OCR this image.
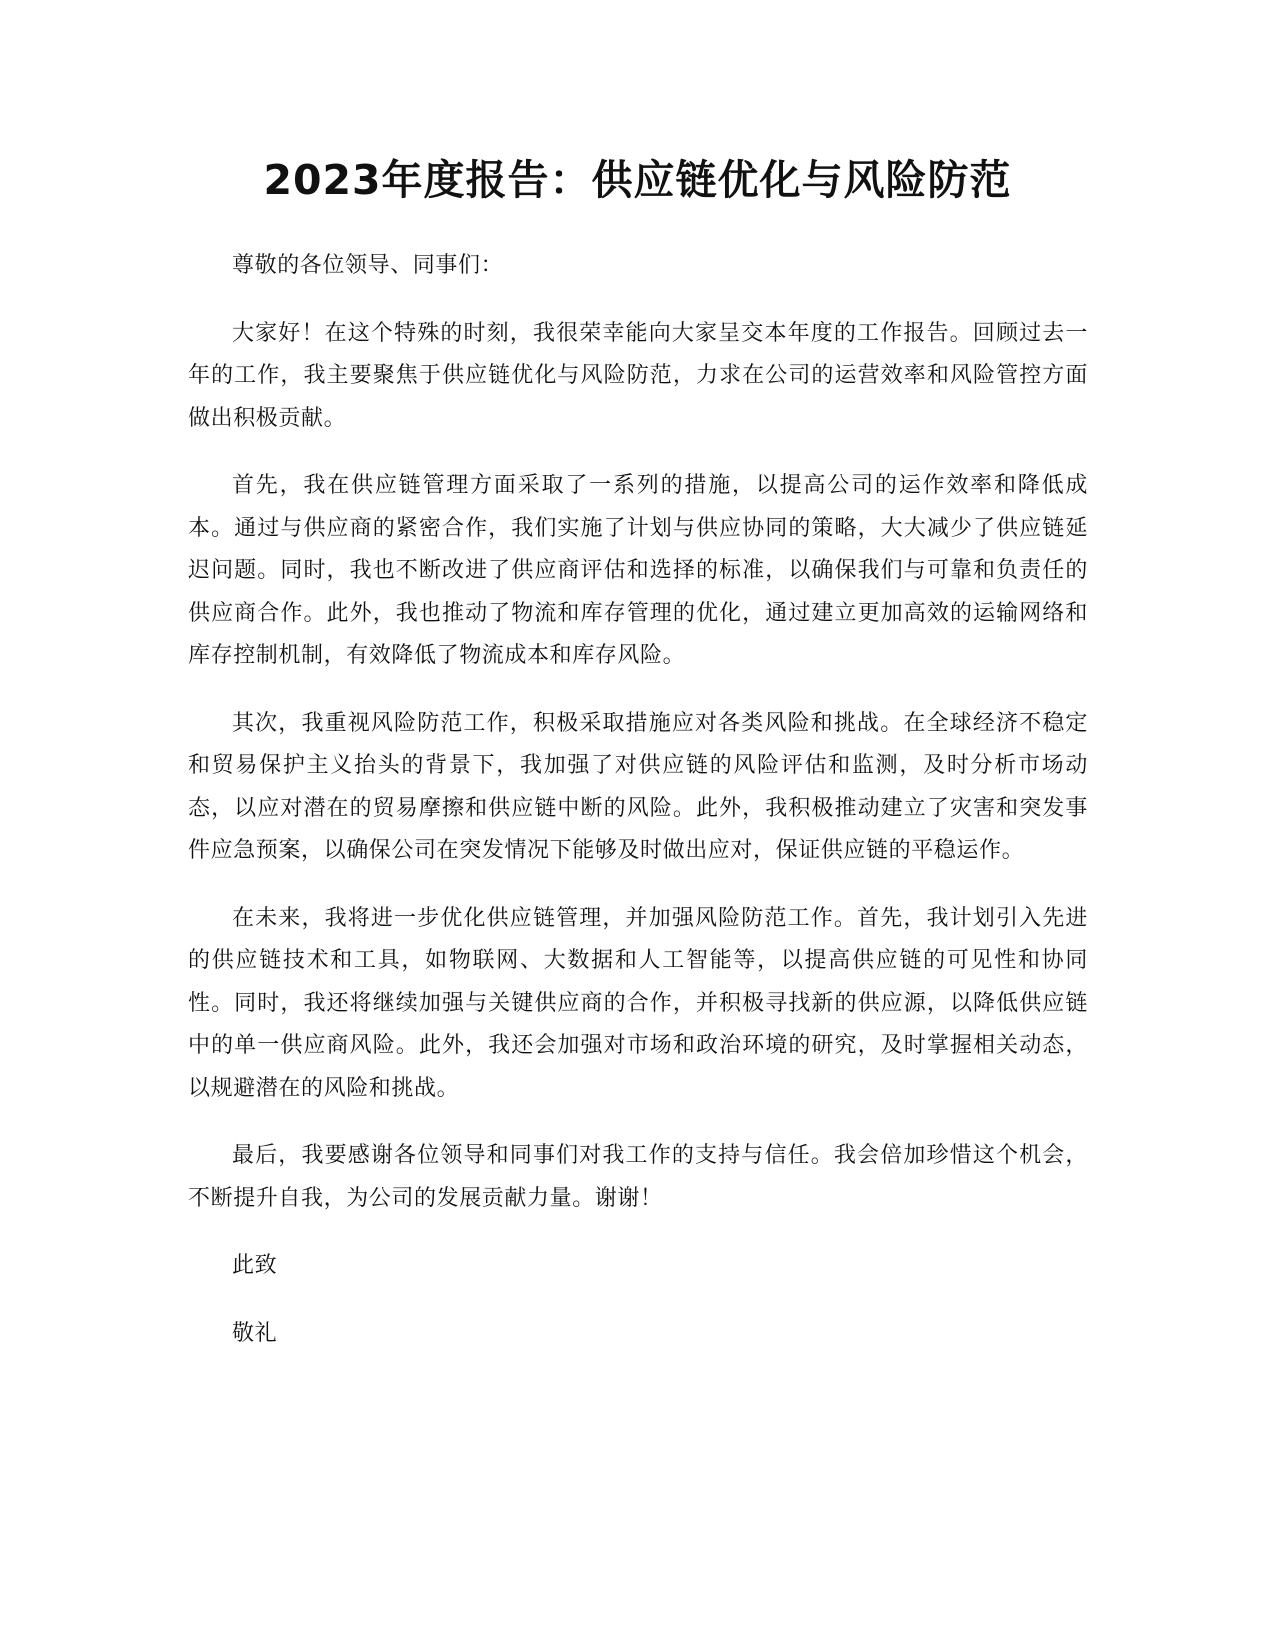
2023年度报告：供应链优化与风险防范

尊敬的各位领导、同事们：

大家好！在这个特殊的时刻，我很荣幸能向大家呈交本年度的工作报告。回顾过去一年的工作，我主要聚焦于供应链优化与风险防范，力求在公司的运营效率和风险管控方面做出积极贡献。

首先，我在供应链管理方面采取了一系列的措施，以提高公司的运作效率和降低成本。通过与供应商的紧密合作，我们实施了计划与供应协同的策略，大大减少了供应链延迟问题。同时，我也不断改进了供应商评估和选择的标准，以确保我们与可靠和负责任的供应商合作。此外，我也推动了物流和库存管理的优化，通过建立更加高效的运输网络和库存控制机制，有效降低了物流成本和库存风险。

其次，我重视风险防范工作，积极采取措施应对各类风险和挑战。在全球经济不稳定和贸易保护主义抬头的背景下，我加强了对供应链的风险评估和监测，及时分析市场动态，以应对潜在的贸易摩擦和供应链中断的风险。此外，我积极推动建立了灾害和突发事件应急预案，以确保公司在突发情况下能够及时做出应对，保证供应链的平稳运作。

在未来，我将进一步优化供应链管理，并加强风险防范工作。首先，我计划引入先进的供应链技术和工具，如物联网、大数据和人工智能等，以提高供应链的可见性和协同性。同时，我还将继续加强与关键供应商的合作，并积极寻找新的供应源，以降低供应链中的单一供应商风险。此外，我还会加强对市场和政治环境的研究，及时掌握相关动态，以规避潜在的风险和挑战。

最后，我要感谢各位领导和同事们对我工作的支持与信任。我会倍加珍惜这个机会，不断提升自我，为公司的发展贡献力量。谢谢！

此致

敬礼
